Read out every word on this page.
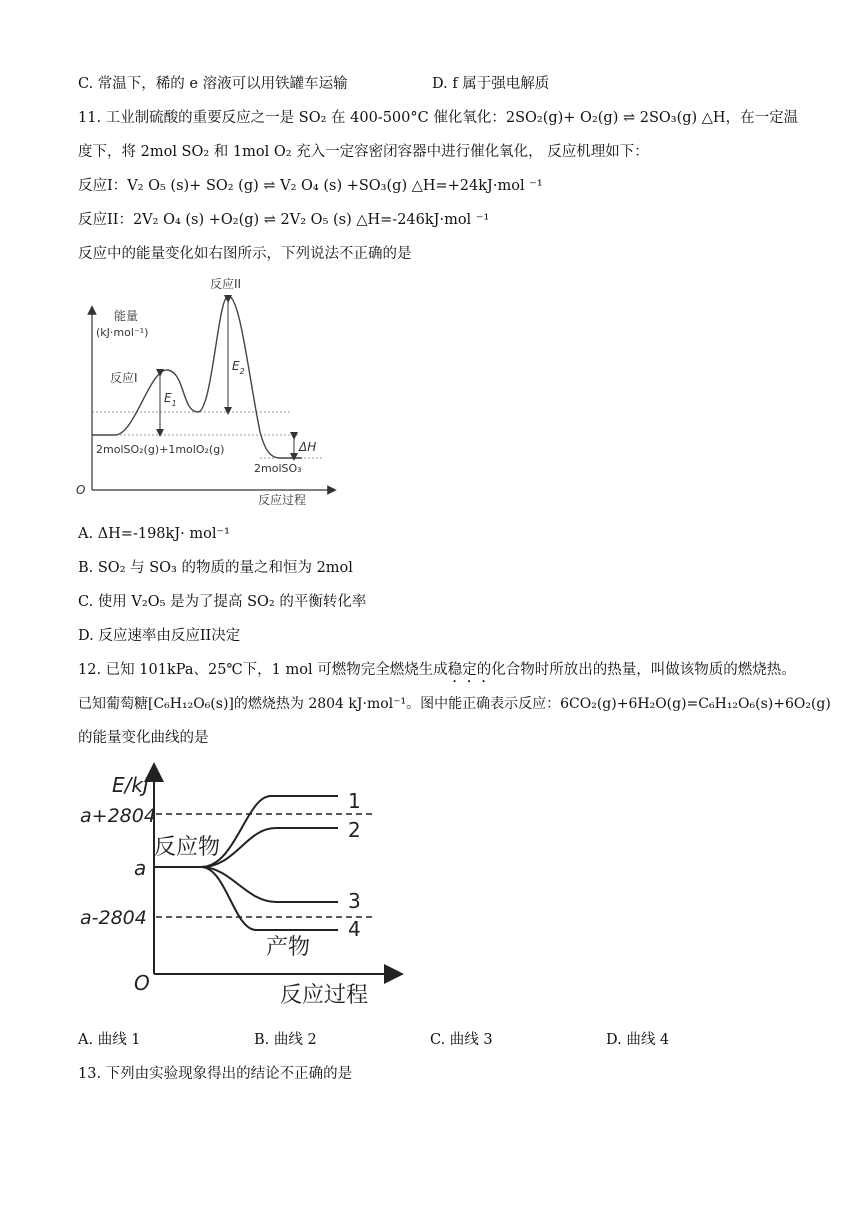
C. 常温下，稀的 e 溶液可以用铁罐车运输	D. f 属于强电解质
11. 工业制硫酸的重要反应之一是 SO₂ 在 400-500°C 催化氧化：2SO₂(g)+ O₂(g) ⇌ 2SO₃(g) △H，在一定温
度下，将 2mol SO₂ 和 1mol O₂ 充入一定容密闭容器中进行催化氧化， 反应机理如下：
反应I：V₂ O₅ (s)+ SO₂ (g) ⇌ V₂ O₄ (s) +SO₃(g) △H=+24kJ·mol ⁻¹
反应II：2V₂ O₄ (s) +O₂(g) ⇌ 2V₂ O₅ (s) △H=-246kJ·mol ⁻¹
反应中的能量变化如右图所示，下列说法不正确的是
能量
(kJ·mol⁻¹)
反应I
反应II
$E_1$
$E_2$
ΔH
2molSO₂(g)+1molO₂(g)
2molSO₃
O
反应过程
A. ΔH=-198kJ· mol⁻¹
B. SO₂ 与 SO₃ 的物质的量之和恒为 2mol
C. 使用 V₂O₅ 是为了提高 SO₂ 的平衡转化率
D. 反应速率由反应II决定
12. 已知 101kPa、25℃下，1 mol 可燃物完全燃烧生成稳定的化合物时所放出的热量，叫做该物质的燃烧热。
已知葡萄糖[C₆H₁₂O₆(s)]的燃烧热为 2804 kJ·mol⁻¹。图中能正确表示反应：6CO₂(g)+6H₂O(g)=C₆H₁₂O₆(s)+6O₂(g)
的能量变化曲线的是
E/kJ
a+2804
a
a-2804
反应物
产物
O	反应过程
1
2
3
4
A. 曲线 1	B. 曲线 2	C. 曲线 3	D. 曲线 4
13. 下列由实验现象得出的结论不正确的是
